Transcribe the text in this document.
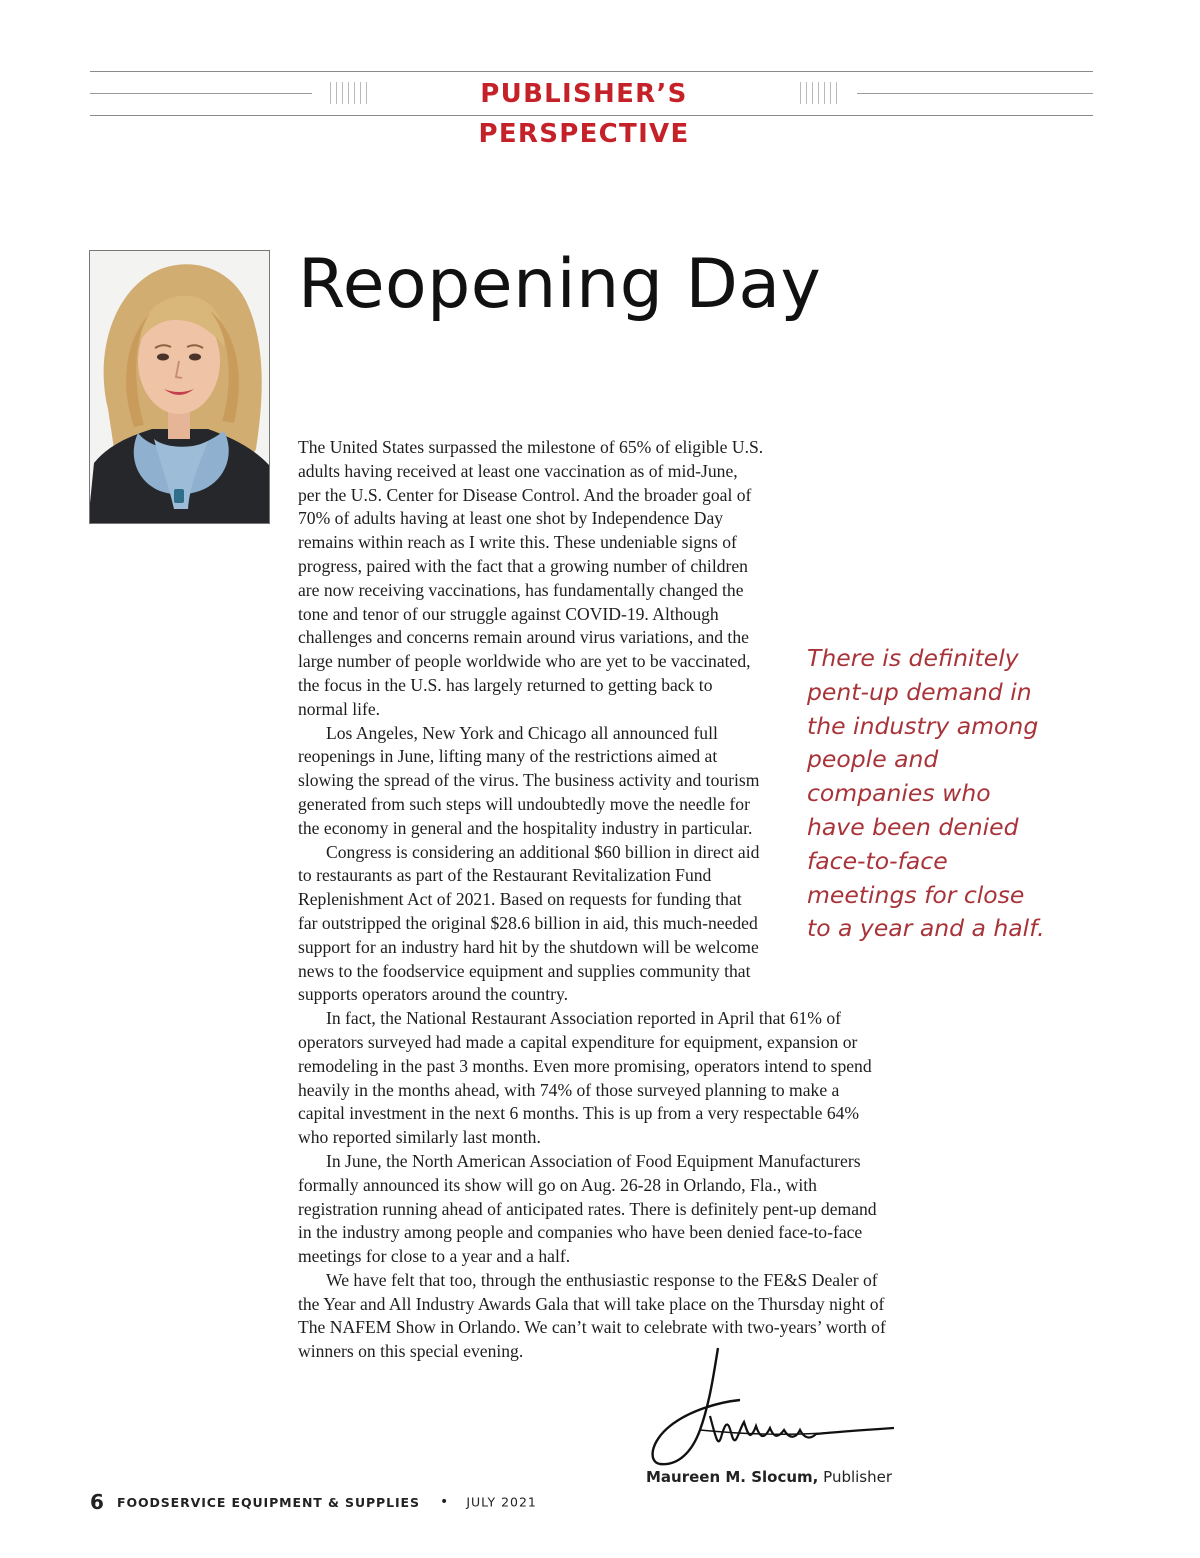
PUBLISHER’S PERSPECTIVE
Reopening Day

The United States surpassed the milestone of 65% of eligible U.S. adults having received at least one vaccination as of mid-June, per the U.S. Center for Disease Control. And the broader goal of 70% of adults having at least one shot by Independence Day remains within reach as I write this. These undeniable signs of progress, paired with the fact that a growing number of children are now receiving vaccinations, has fundamentally changed the tone and tenor of our struggle against COVID-19. Although challenges and concerns remain around virus variations, and the large number of people worldwide who are yet to be vaccinated, the focus in the U.S. has largely returned to getting back to normal life.

Los Angeles, New York and Chicago all announced full reopenings in June, lifting many of the restrictions aimed at slowing the spread of the virus. The business activity and tourism generated from such steps will undoubtedly move the needle for the economy in general and the hospitality industry in particular.

Congress is considering an additional $60 billion in direct aid to restaurants as part of the Restaurant Revitalization Fund Replenishment Act of 2021. Based on requests for funding that far outstripped the original $28.6 billion in aid, this much-needed support for an industry hard hit by the shutdown will be welcome news to the foodservice equipment and supplies community that supports operators around the country.

In fact, the National Restaurant Association reported in April that 61% of operators surveyed had made a capital expenditure for equipment, expansion or remodeling in the past 3 months. Even more promising, operators intend to spend heavily in the months ahead, with 74% of those surveyed planning to make a capital investment in the next 6 months. This is up from a very respectable 64% who reported similarly last month.

In June, the North American Association of Food Equipment Manufacturers formally announced its show will go on Aug. 26-28 in Orlando, Fla., with registration running ahead of anticipated rates. There is definitely pent-up demand in the industry among people and companies who have been denied face-to-face meetings for close to a year and a half.

We have felt that too, through the enthusiastic response to the FE&S Dealer of the Year and All Industry Awards Gala that will take place on the Thursday night of The NAFEM Show in Orlando. We can’t wait to celebrate with two-years’ worth of winners on this special evening.

There is definitely pent-up demand in the industry among people and companies who have been denied face-to-face meetings for close to a year and a half.

Maureen M. Slocum, Publisher
6 FOODSERVICE EQUIPMENT & SUPPLIES • JULY 2021
